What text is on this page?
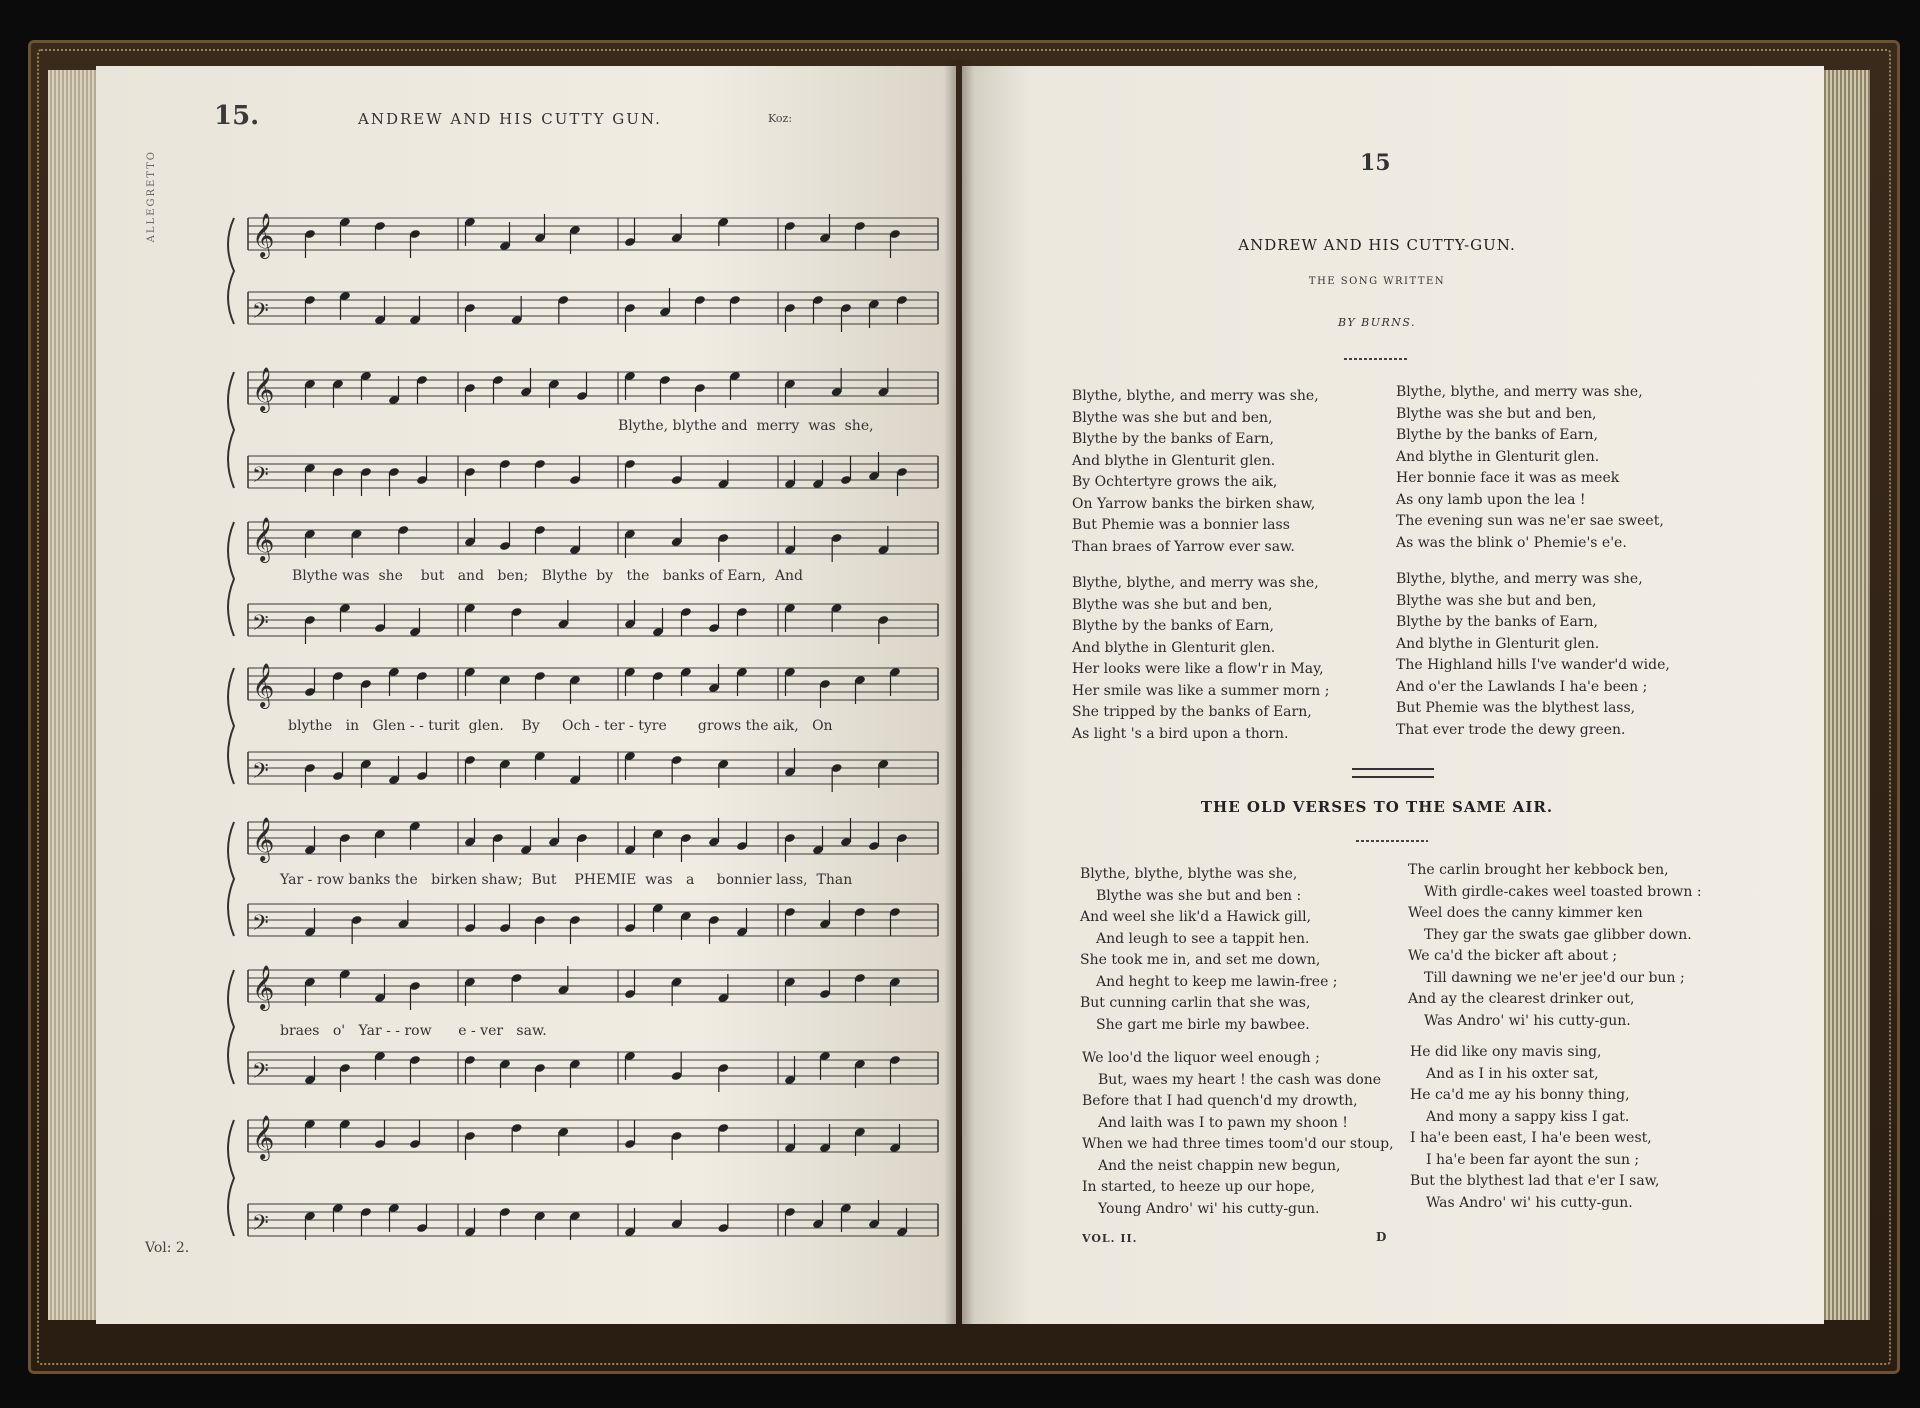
15.	ANDREW AND HIS CUTTY GUN.	Koz:
ALLEGRETTO	𝄞
𝄢
𝄞
𝄢
𝄞
𝄢
𝄞
𝄢
𝄞
𝄢
𝄞
𝄢
𝄞
𝄢
Blythe, blythe and  merry  was  she,
Blythe was  she    but   and   ben;   Blythe  by   the   banks of Earn,  And
blythe   in   Glen - - turit  glen.    By     Och - ter - tyre       grows the aik,   On
Yar - row banks the   birken shaw;  But    PHEMIE  was   a     bonnier lass,  Than
braes   o'   Yar - - row      e - ver   saw.
Vol: 2.
15
ANDREW AND HIS CUTTY-GUN.
THE SONG WRITTEN
BY BURNS.
Blythe, blythe, and merry was she,
Blythe was she but and ben,
Blythe by the banks of Earn,
And blythe in Glenturit glen.
By Ochtertyre grows the aik,
On Yarrow banks the birken shaw,
But Phemie was a bonnier lass
Than braes of Yarrow ever saw.
Blythe, blythe, and merry was she,
Blythe was she but and ben,
Blythe by the banks of Earn,
And blythe in Glenturit glen.
Her bonnie face it was as meek
As ony lamb upon the lea !
The evening sun was ne'er sae sweet,
As was the blink o' Phemie's e'e.
Blythe, blythe, and merry was she,
Blythe was she but and ben,
Blythe by the banks of Earn,
And blythe in Glenturit glen.
Her looks were like a flow'r in May,
Her smile was like a summer morn ;
She tripped by the banks of Earn,
As light 's a bird upon a thorn.
Blythe, blythe, and merry was she,
Blythe was she but and ben,
Blythe by the banks of Earn,
And blythe in Glenturit glen.
The Highland hills I've wander'd wide,
And o'er the Lawlands I ha'e been ;
But Phemie was the blythest lass,
That ever trode the dewy green.
THE OLD VERSES TO THE SAME AIR.
Blythe, blythe, blythe was she,
Blythe was she but and ben :
And weel she lik'd a Hawick gill,
And leugh to see a tappit hen.
She took me in, and set me down,
And heght to keep me lawin-free ;
But cunning carlin that she was,
She gart me birle my bawbee.
The carlin brought her kebbock ben,
With girdle-cakes weel toasted brown :
Weel does the canny kimmer ken
They gar the swats gae glibber down.
We ca'd the bicker aft about ;
Till dawning we ne'er jee'd our bun ;
And ay the clearest drinker out,
Was Andro' wi' his cutty-gun.
We loo'd the liquor weel enough ;
But, waes my heart ! the cash was done
Before that I had quench'd my drowth,
And laith was I to pawn my shoon !
When we had three times toom'd our stoup,
And the neist chappin new begun,
In started, to heeze up our hope,
Young Andro' wi' his cutty-gun.
He did like ony mavis sing,
And as I in his oxter sat,
He ca'd me ay his bonny thing,
And mony a sappy kiss I gat.
I ha'e been east, I ha'e been west,
I ha'e been far ayont the sun ;
But the blythest lad that e'er I saw,
Was Andro' wi' his cutty-gun.
VOL. II.	D
